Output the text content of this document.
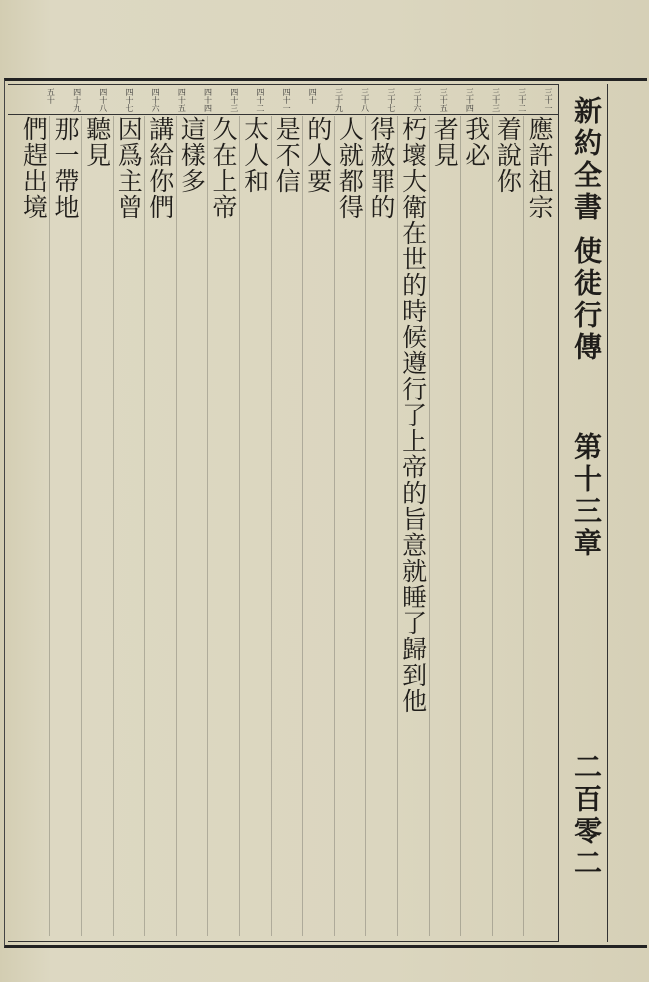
新約全書
使徒行傳
第十三章
二百零二
三十一
三十二
三十三
三十四
三十五
三十六
三十七
三十八
三十九
四十
四十一
四十二
四十三
四十四
四十五
四十六
四十七
四十八
四十九
五十
應許祖宗
着說你
我必
者見
朽壞大衛在世的時候遵行了上帝的旨意就睡了歸到他
得赦罪的
人就都得
的人要
是不信
太人和
久在上帝
這樣多
講給你們
因爲主曾
聽見
那一帶地
們趕出境
